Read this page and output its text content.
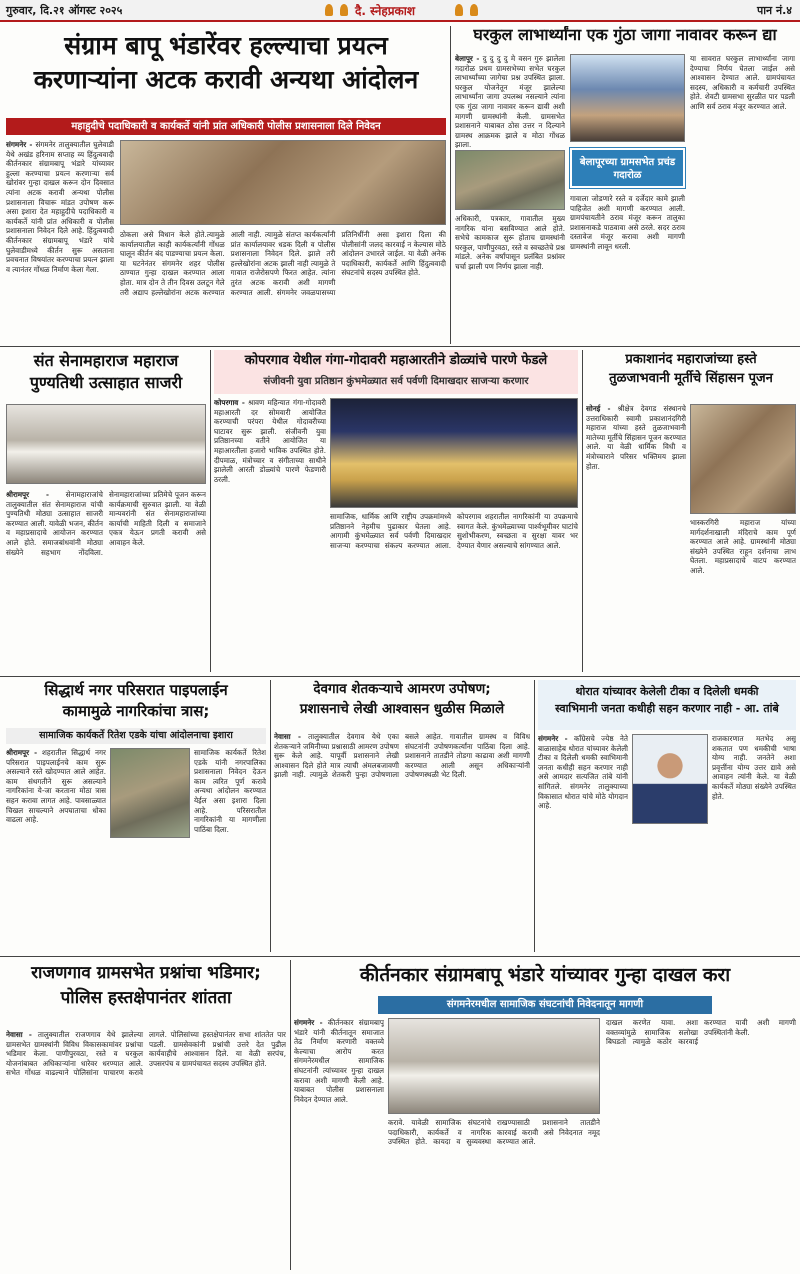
गुरुवार, दि.२१ ऑगस्ट २०२५	दै. स्नेहप्रकाश	पान नं.४
संग्राम बापू भंडारेंवर हल्ल्याचा प्रयत्न
करणाऱ्यांना अटक करावी अन्यथा आंदोलन
महाहुदीचे पदाधिकारी व कार्यकर्ते यांनी प्रांत अधिकारी पोलीस प्रशासनाला दिले निवेदन
संगमनेर - संगमनेर तालुक्यातील घुलेवाडी येथे अखंड हरिनाम सप्ताह व्य हिंदुत्ववादी कीर्तनकार संग्रामबापू भंडारे यांच्यावर हुल्ला करण्याचा प्रयत्न करणाऱ्या सर्व खोरांवर गुन्हा दाखल करून दोन दिवसात त्यांना अटक करावी अन्यथा पोलीस प्रशासनाला विचारू मांडत उपोषण करू असा इशारा देत महाहुदीचे पदाधिकारी व कार्यकर्ते यांनी प्रांत अधिकारी व पोलीस प्रशासनाला निवेदन दिले आहे. हिंदुत्ववादी कीर्तनकार संग्रामबापू भंडारे यांचे घुलेवाडीमध्ये कीर्तन सुरू असताना प्रवचनात विषयांतर करण्याचा प्रयत्न झाला व त्यानंतर गोंधळ निर्माण केला गेला.
ठोकला असे विधान केले होते.त्यामुळे कार्यालयातील काही कार्यकर्त्यांनी गोंधळ घालून कीर्तन बंद पाडण्याचा प्रयत्न केला. या घटनेनंतर संगमनेर शहर पोलीस ठाण्यात गुन्हा दाखल करण्यात आला होता. मात्र दोन ते तीन दिवस उलटून गेले तरी अद्याप हल्लेखोरांना अटक करण्यात आली नाही. त्यामुळे संतप्त कार्यकर्त्यांनी प्रांत कार्यालयावर धडक दिली व पोलीस प्रशासनाला निवेदन दिले. झाले तरी हल्लेखोरांना अटक झाली नाही त्यामुळे ते गावात राजेरोसपणे फिरत आहेत. त्यांना तुरंत अटक करावी अशी मागणी करण्यात आली. संगमनेर जवळपासच्या प्रतिनिधींनी असा इशारा दिला की पोलीसांनी जलद कारवाई न केल्यास मोठे आंदोलन उभारले जाईल. या वेळी अनेक पदाधिकारी, कार्यकर्ते आणि हिंदुत्ववादी संघटनांचे सदस्य उपस्थित होते.
घरकुल लाभार्थ्यांना एक गुंठा जागा नावावर करून द्या
बेलापूर - दु दु दु दु मे वसन गुरु झालेला गदारोळ प्रथम ग्रामसभेच्या सभेत घरकुल लाभार्थ्यांच्या जागेचा प्रश्न उपस्थित झाला. घरकुल योजनेतून मंजूर झालेल्या लाभार्थ्यांना जागा उपलब्ध नसल्याने त्यांना एक गुंठा जागा नावावर करून द्यावी अशी मागणी ग्रामस्थांनी केली. ग्रामसभेत प्रशासनाने याबाबत ठोस उत्तर न दिल्याने ग्रामस्थ आक्रमक झाले व मोठा गोंधळ झाला.
या सावरात घरकुल लाभार्थ्यांना जागा देण्याचा निर्णय घेतला जाईल असे आश्वासन देण्यात आले. ग्रामपंचायत सदस्य, अधिकारी व कर्मचारी उपस्थित होते. शेवटी ग्रामसभा सुरळीत पार पडली आणि सर्व ठराव मंजूर करण्यात आले.
बेलापूरच्या ग्रामसभेत प्रचंड गदारोळ
अधिकारी, पत्रकार, गावातील मुख्य नागरिक यांना बसविण्यात आले होते. सभेचे कामकाज सुरू होताच ग्रामस्थांनी घरकुल, पाणीपुरवठा, रस्ते व स्वच्छतेचे प्रश्न मांडले. अनेक वर्षांपासून प्रलंबित प्रश्नांवर चर्चा झाली पण निर्णय झाला नाही.
गावाला जोडणारे रस्ते व दर्जेदार कामे झाली पाहिजेत अशी मागणी करण्यात आली. ग्रामपंचायतीने ठराव मंजूर करून तालुका प्रशासनाकडे पाठवावा असे ठरले. सदर ठराव दस्तावेज मंजूर करावा अशी मागणी ग्रामस्थांनी लावून धरली.
संत सेनामहाराज महाराज
पुण्यतिथी उत्साहात साजरी
श्रीरामपूर - सेनामहाराजांचे तालुक्यातील संत सेनामहाराज यांची पुण्यतिथी मोठ्या उत्साहात साजरी करण्यात आली. यावेळी भजन, कीर्तन व महाप्रसादाचे आयोजन करण्यात आले होते. समाजबांधवांनी मोठ्या संख्येने सहभाग नोंदविला. सेनामहाराजांच्या प्रतिमेचे पूजन करून कार्यक्रमाची सुरुवात झाली. या वेळी मान्यवरांनी संत सेनामहाराजांच्या कार्याची माहिती दिली व समाजाने एकत्र येऊन प्रगती करावी असे आवाहन केले.
कोपरगाव येथील गंगा-गोदावरी महाआरतीने डोळ्यांचे पारणे फेडले
संजीवनी युवा प्रतिष्ठान कुंभमेळ्यात सर्व पर्वणी दिमाखदार साजऱ्या करणार
कोपरगाव - श्रावण महिन्यात गंगा-गोदावरी महाआरती दर सोमवारी आयोजित करण्याची परंपरा येथील गोदावरीच्या घाटावर सुरू झाली. संजीवनी युवा प्रतिष्ठानच्या वतीने आयोजित या महाआरतीला हजारो भाविक उपस्थित होते. दीपमाळ, मंत्रोच्चार व संगीताच्या साथीने झालेली आरती डोळ्यांचे पारणे फेडणारी ठरली.
सामाजिक, धार्मिक आणि राष्ट्रीय उपक्रमांमध्ये प्रतिष्ठानने नेहमीच पुढाकार घेतला आहे. आगामी कुंभमेळ्यात सर्व पर्वणी दिमाखदार साजऱ्या करण्याचा संकल्प करण्यात आला. कोपरगाव शहरातील नागरिकांनी या उपक्रमाचे स्वागत केले. कुंभमेळ्याच्या पार्श्वभूमीवर घाटांचे सुशोभीकरण, स्वच्छता व सुरक्षा यावर भर देण्यात येणार असल्याचे सांगण्यात आले.
प्रकाशानंद महाराजांच्या हस्ते
तुळजाभवानी मूर्तीचे सिंहासन पूजन
सोनई - श्रीक्षेत्र देवगड संस्थानचे उत्तराधिकारी स्वामी प्रकाशानंदगिरी महाराज यांच्या हस्ते तुळजाभवानी मातेच्या मूर्तीचे सिंहासन पूजन करण्यात आले. या वेळी धार्मिक विधी व मंत्रोच्चाराने परिसर भक्तिमय झाला होता.
भास्करगिरी महाराज यांच्या मार्गदर्शनाखाली मंदिराचे काम पूर्ण करण्यात आले आहे. ग्रामस्थांनी मोठ्या संख्येने उपस्थित राहून दर्शनाचा लाभ घेतला. महाप्रसादाचे वाटप करण्यात आले.
सिद्धार्थ नगर परिसरात पाइपलाईन
कामामुळे नागरिकांचा त्रास;
सामाजिक कार्यकर्ते रितेश एडके यांचा आंदोलनाचा इशारा
श्रीरामपूर - शहरातील सिद्धार्थ नगर परिसरात पाइपलाईनचे काम सुरू असल्याने रस्ते खोदण्यात आले आहेत. काम संथगतीने सुरू असल्याने नागरिकांना ये-जा करताना मोठा त्रास सहन करावा लागत आहे. पावसाळ्यात चिखल साचल्याने अपघाताचा धोका वाढला आहे.
सामाजिक कार्यकर्ते रितेश एडके यांनी नगरपालिका प्रशासनाला निवेदन देऊन काम त्वरित पूर्ण करावे अन्यथा आंदोलन करण्यात येईल असा इशारा दिला आहे. परिसरातील नागरिकांनी या मागणीला पाठिंबा दिला.
देवगाव शेतकऱ्याचे आमरण उपोषण;
प्रशासनाचे लेखी आश्वासन धुळीस मिळाले
नेवासा - तालुक्यातील देवगाव येथे एका शेतकऱ्याने जमिनीच्या प्रश्नासाठी आमरण उपोषण सुरू केले आहे. यापूर्वी प्रशासनाने लेखी आश्वासन दिले होते मात्र त्याची अंमलबजावणी झाली नाही. त्यामुळे शेतकरी पुन्हा उपोषणाला बसले आहेत. गावातील ग्रामस्थ व विविध संघटनांनी उपोषणकर्त्यांना पाठिंबा दिला आहे. प्रशासनाने तातडीने तोडगा काढावा अशी मागणी करण्यात आली असून अधिकाऱ्यांनी उपोषणस्थळी भेट दिली.
थोरात यांच्यावर केलेली टीका व दिलेली धमकी
स्वाभिमानी जनता कधीही सहन करणार नाही - आ. तांबे
संगमनेर - काँग्रेसचे ज्येष्ठ नेते बाळासाहेब थोरात यांच्यावर केलेली टीका व दिलेली धमकी स्वाभिमानी जनता कधीही सहन करणार नाही असे आमदार सत्यजित तांबे यांनी सांगितले. संगमनेर तालुक्याच्या विकासात थोरात यांचे मोठे योगदान आहे.
राजकारणात मतभेद असू शकतात पण धमकीची भाषा योग्य नाही. जनतेने अशा प्रवृत्तींना योग्य उत्तर द्यावे असे आवाहन त्यांनी केले. या वेळी कार्यकर्ते मोठ्या संख्येने उपस्थित होते.
राजणगाव ग्रामसभेत प्रश्नांचा भडिमार;
पोलिस हस्तक्षेपानंतर शांतता
नेवासा - तालुक्यातील राजणगाव येथे झालेल्या ग्रामसभेत ग्रामस्थांनी विविध विकासकामांवर प्रश्नांचा भडिमार केला. पाणीपुरवठा, रस्ते व घरकुल योजनांबाबत अधिकाऱ्यांना धारेवर धरण्यात आले. सभेत गोंधळ वाढल्याने पोलिसांना पाचारण करावे लागले. पोलिसांच्या हस्तक्षेपानंतर सभा शांततेत पार पडली. ग्रामसेवकांनी प्रश्नांची उत्तरे देत पुढील कार्यवाहीचे आश्वासन दिले. या वेळी सरपंच, उपसरपंच व ग्रामपंचायत सदस्य उपस्थित होते.
कीर्तनकार संग्रामबापू भंडारे यांच्यावर गुन्हा दाखल करा
संगमनेरमधील सामाजिक संघटनांची निवेदनातून मागणी
संगमनेर - कीर्तनकार संग्रामबापू भंडारे यांनी कीर्तनातून समाजात तेढ निर्माण करणारी वक्तव्ये केल्याचा आरोप करत संगमनेरमधील सामाजिक संघटनांनी त्यांच्यावर गुन्हा दाखल करावा अशी मागणी केली आहे. याबाबत पोलीस प्रशासनाला निवेदन देण्यात आले.
करावे. यावेळी सामाजिक संघटनांचे पदाधिकारी, कार्यकर्ते व नागरिक उपस्थित होते. कायदा व सुव्यवस्था राखण्यासाठी प्रशासनाने तातडीने कारवाई करावी असे निवेदनात नमूद करण्यात आले.
दाखल करणेत यावा. अशा वक्तव्यांमुळे सामाजिक सलोखा बिघडतो त्यामुळे कठोर कारवाई करण्यात यावी अशी मागणी उपस्थितांनी केली.
